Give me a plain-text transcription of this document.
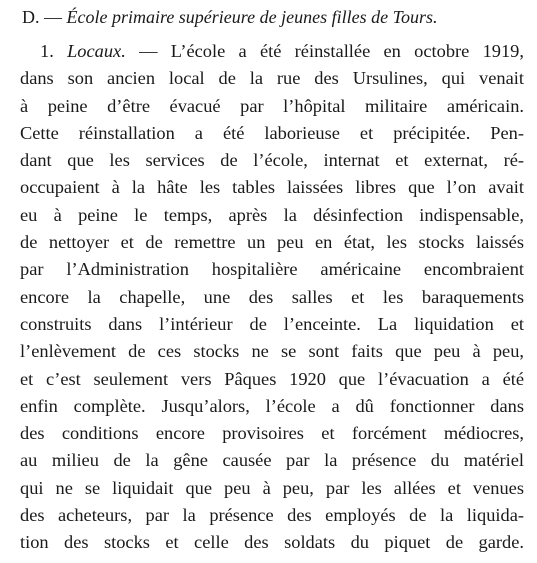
D. — École primaire supérieure de jeunes filles de Tours.
1. Locaux. — L’école a été réinstallée en octobre 1919,
dans son ancien local de la rue des Ursulines, qui venait
à peine d’être évacué par l’hôpital militaire américain.
Cette réinstallation a été laborieuse et précipitée. Pen-
dant que les services de l’école, internat et externat, ré-
occupaient à la hâte les tables laissées libres que l’on avait
eu à peine le temps, après la désinfection indispensable,
de nettoyer et de remettre un peu en état, les stocks laissés
par l’Administration hospitalière américaine encombraient
encore la chapelle, une des salles et les baraquements
construits dans l’intérieur de l’enceinte. La liquidation et
l’enlèvement de ces stocks ne se sont faits que peu à peu,
et c’est seulement vers Pâques 1920 que l’évacuation a été
enfin complète. Jusqu’alors, l’école a dû fonctionner dans
des conditions encore provisoires et forcément médiocres,
au milieu de la gêne causée par la présence du matériel
qui ne se liquidait que peu à peu, par les allées et venues
des acheteurs, par la présence des employés de la liquida-
tion des stocks et celle des soldats du piquet de garde.
